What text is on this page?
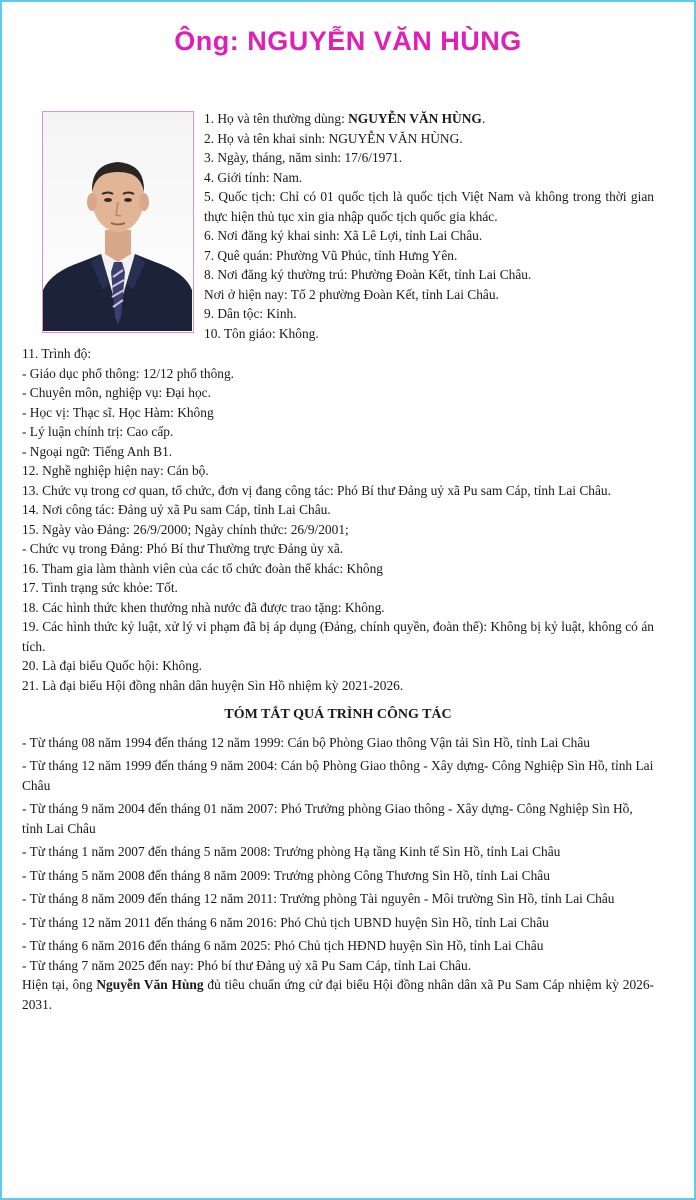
Ông: NGUYỄN VĂN HÙNG
1. Họ và tên thường dùng: NGUYỄN VĂN HÙNG.
2. Họ và tên khai sinh: NGUYỄN VĂN HÙNG.
3. Ngày, tháng, năm sinh: 17/6/1971.
4. Giới tính: Nam.
5. Quốc tịch: Chỉ có 01 quốc tịch là quốc tịch Việt Nam và không trong thời gian thực hiện thủ tục xin gia nhập quốc tịch quốc gia khác.
6. Nơi đăng ký khai sinh: Xã Lê Lợi, tỉnh Lai Châu.
7. Quê quán: Phường Vũ Phúc, tỉnh Hưng Yên.
8. Nơi đăng ký thường trú: Phường Đoàn Kết, tỉnh Lai Châu.
Nơi ở hiện nay: Tổ 2 phường Đoàn Kết, tỉnh Lai Châu.
9. Dân tộc: Kinh.
10. Tôn giáo: Không.
11. Trình độ:
- Giáo dục phổ thông: 12/12 phổ thông.
- Chuyên môn, nghiệp vụ: Đại học.
- Học vị: Thạc sĩ. Học Hàm: Không
- Lý luận chính trị: Cao cấp.
- Ngoại ngữ: Tiếng Anh B1.
12. Nghề nghiệp hiện nay: Cán bộ.
13. Chức vụ trong cơ quan, tổ chức, đơn vị đang công tác: Phó Bí thư Đảng uỷ xã Pu sam Cáp, tỉnh Lai Châu.
14. Nơi công tác: Đảng uỷ xã Pu sam Cáp, tỉnh Lai Châu.
15. Ngày vào Đảng: 26/9/2000; Ngày chính thức: 26/9/2001;
- Chức vụ trong Đảng: Phó Bí thư Thường trực Đảng ủy xã.
16. Tham gia làm thành viên của các tổ chức đoàn thể khác: Không
17. Tình trạng sức khỏe: Tốt.
18. Các hình thức khen thưởng nhà nước đã được trao tặng: Không.
19. Các hình thức kỷ luật, xử lý vi phạm đã bị áp dụng (Đảng, chính quyền, đoàn thể): Không bị kỷ luật, không có án tích.
20. Là đại biểu Quốc hội: Không.
21. Là đại biểu Hội đồng nhân dân huyện Sìn Hồ nhiệm kỳ 2021-2026.
TÓM TẮT QUÁ TRÌNH CÔNG TÁC
- Từ tháng 08 năm 1994 đến tháng 12 năm 1999: Cán bộ Phòng Giao thông Vận tải Sìn Hồ, tỉnh Lai Châu
- Từ tháng 12 năm 1999 đến tháng 9 năm 2004: Cán bộ Phòng Giao thông - Xây dựng- Công Nghiệp Sìn Hồ, tỉnh Lai Châu
- Từ tháng 9 năm 2004 đến tháng 01 năm 2007: Phó Trưởng phòng Giao thông - Xây dựng- Công Nghiệp Sìn Hồ, tỉnh Lai Châu
- Từ tháng 1 năm 2007 đến tháng 5 năm 2008: Trưởng phòng Hạ tầng Kinh tế Sìn Hồ, tỉnh Lai Châu
- Từ tháng 5 năm 2008 đến tháng 8 năm 2009: Trưởng phòng Công Thương Sìn Hồ, tỉnh Lai Châu
- Từ tháng 8 năm 2009 đến tháng 12 năm 2011: Trưởng phòng Tài nguyên - Môi trường Sìn Hồ, tỉnh Lai Châu
- Từ tháng 12 năm 2011 đến tháng 6 năm 2016: Phó Chủ tịch UBND huyện Sìn Hồ, tỉnh Lai Châu
- Từ tháng 6 năm 2016 đến tháng 6 năm 2025: Phó Chủ tịch HĐND huyện Sìn Hồ, tỉnh Lai Châu
- Từ tháng 7 năm 2025 đến nay: Phó bí thư Đảng uỷ xã Pu Sam Cáp, tỉnh Lai Châu.
Hiện tại, ông Nguyễn Văn Hùng đủ tiêu chuẩn ứng cử đại biểu Hội đồng nhân dân xã Pu Sam Cáp nhiệm kỳ 2026-2031.
